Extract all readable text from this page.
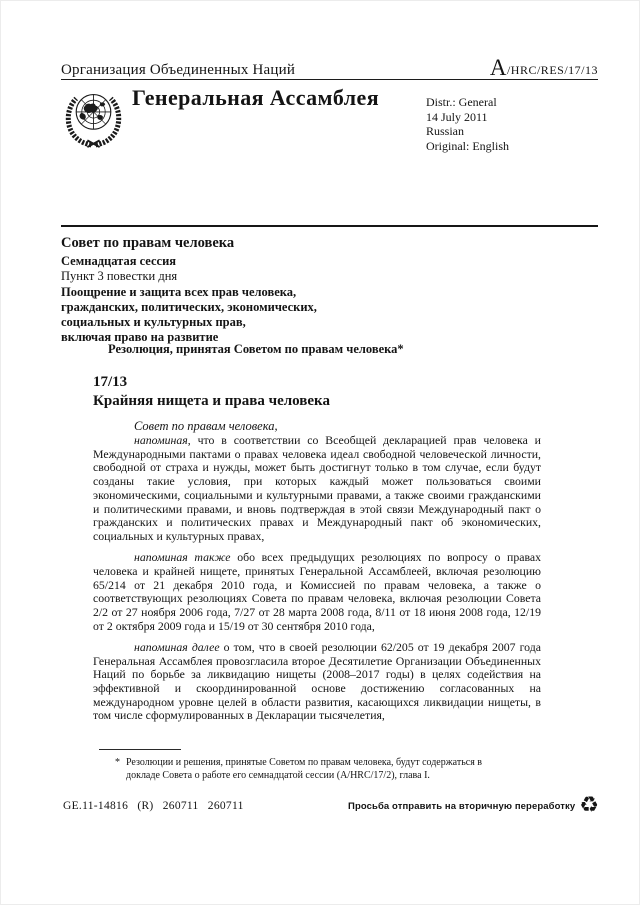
Организация Объединенных Наций	A/HRC/RES/17/13
Генеральная Ассамблея	Distr.: General
14 July 2011
Russian
Original: English
Совет по правам человека
Семнадцатая сессия
Пункт 3 повестки дня
Поощрение и защита всех прав человека,
гражданских, политических, экономических,
социальных и культурных прав,
включая право на развитие
Резолюция, принятая Советом по правам человека*
17/13
Крайняя нищета и права человека
Совет по правам человека,

напоминая, что в соответствии со Всеобщей декларацией прав человека и Международными пактами о правах человека идеал свободной человеческой личности, свободной от страха и нужды, может быть достигнут только в том случае, если будут созданы такие условия, при которых каждый может пользоваться своими экономическими, социальными и культурными правами, а также своими гражданскими и политическими правами, и вновь подтверждая в этой связи Международный пакт о гражданских и политических правах и Международный пакт об экономических, социальных и культурных правах,

напоминая также обо всех предыдущих резолюциях по вопросу о правах человека и крайней нищете, принятых Генеральной Ассамблеей, включая резолюцию 65/214 от 21 декабря 2010 года, и Комиссией по правам человека, а также о соответствующих резолюциях Совета по правам человека, включая резолюции Совета 2/2 от 27 ноября 2006 года, 7/27 от 28 марта 2008 года, 8/11 от 18 июня 2008 года, 12/19 от 2 октября 2009 года и 15/19 от 30 сентября 2010 года,

напоминая далее о том, что в своей резолюции 62/205 от 19 декабря 2007 года Генеральная Ассамблея провозгласила второе Десятилетие Организации Объединенных Наций по борьбе за ликвидацию нищеты (2008–2017 годы) в целях содействия на эффективной и скоординированной основе достижению согласованных на международном уровне целей в области развития, касающихся ликвидации нищеты, в том числе сформулированных в Декларации тысячелетия,

* Резолюции и решения, принятые Советом по правам человека, будут содержаться в докладе Совета о работе его семнадцатой сессии (A/HRC/17/2), глава I.
GE.11-14816 (R) 260711 260711	Просьба отправить на вторичную переработку ♻
